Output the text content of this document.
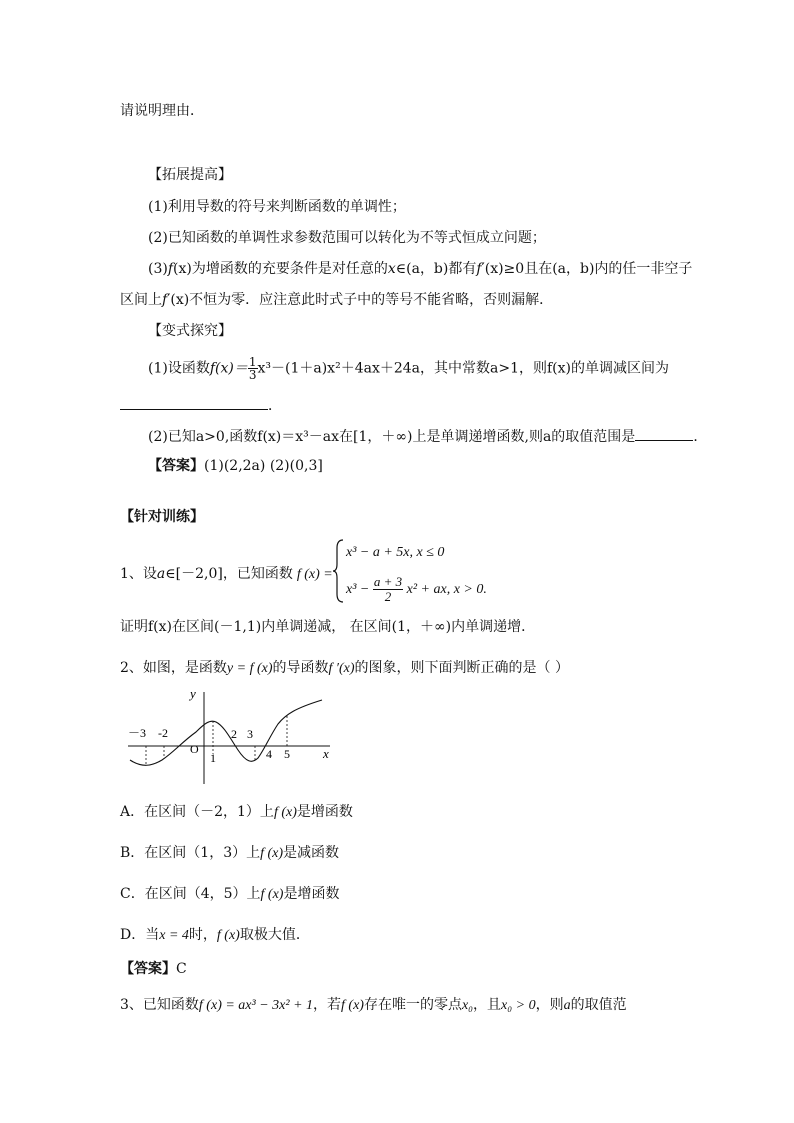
请说明理由．
【拓展提高】
(1)利用导数的符号来判断函数的单调性；
(2)已知函数的单调性求参数范围可以转化为不等式恒成立问题；
(3)f(x)为增函数的充要条件是对任意的x∈(a，b)都有f′(x)≥0且在(a，b)内的任一非空子
区间上f′(x)不恒为零．应注意此时式子中的等号不能省略，否则漏解．
【变式探究】
(1)设函数$f(x)= \frac{1}{3} x^3-(1+a)x^2+4ax+24a$，其中常数a>1，则f(x)的单调减区间为
．
(2)已知a>0,函数f(x)＝x³－ax在[1，＋∞)上是单调递增函数,则a的取值范围是	．
【答案】(1)(2,2a) (2)(0,3]
【针对训练】
1、设a∈[－2,0]，已知函数 f (x) =
x³ − a + 5x, x ≤ 0
$x^3 - \frac{a + 3}{2} x^2$ + ax, x > 0.
证明f(x)在区间(－1,1)内单调递减， 在区间(1，＋∞)内单调递增．
2、如图，是函数y = f (x)的导函数f ′(x)的图象，则下面判断正确的是（ ）
y
x
O
－3 -2
1
2 3
4 5
A．在区间（－2，1）上f (x)是增函数
B．在区间（1，3）上f (x)是减函数
C．在区间（4，5）上f (x)是增函数
D．当x = 4时，f (x)取极大值．
【答案】C
3、已知函数f (x) = ax³ − 3x² + 1，若f (x)存在唯一的零点x₀，且x₀ > 0，则a的取值范
